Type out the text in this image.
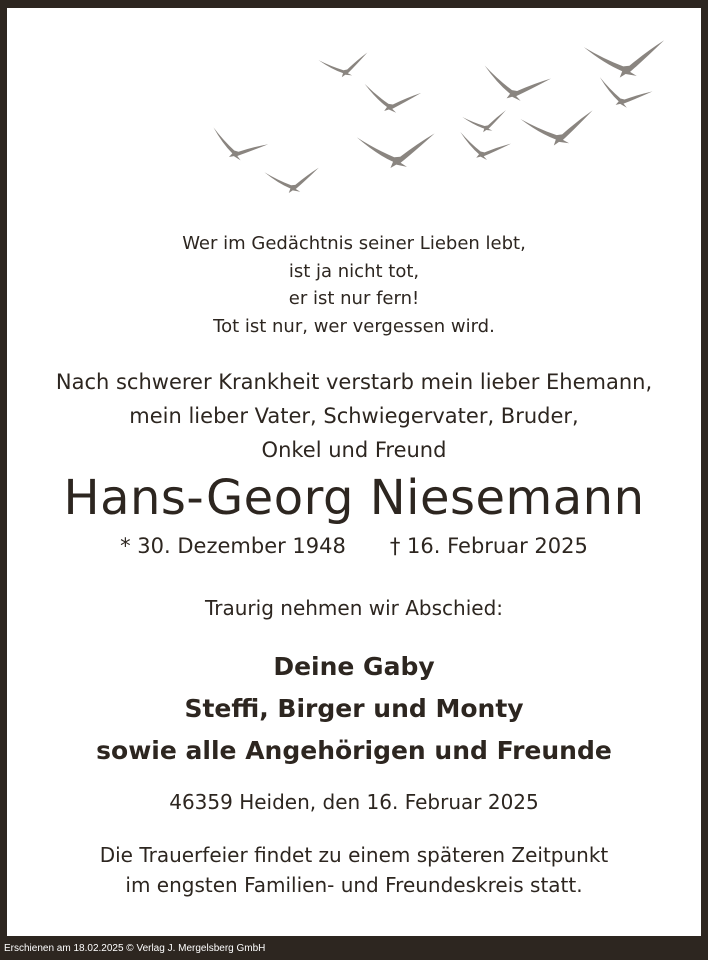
Wer im Gedächtnis seiner Lieben lebt,
ist ja nicht tot,
er ist nur fern!
Tot ist nur, wer vergessen wird.

Nach schwerer Krankheit verstarb mein lieber Ehemann,
mein lieber Vater, Schwiegervater, Bruder,
Onkel und Freund

Hans-Georg Niesemann

* 30. Dezember 1948 † 16. Februar 2025

Traurig nehmen wir Abschied:

Deine Gaby
Steffi, Birger und Monty
sowie alle Angehörigen und Freunde

46359 Heiden, den 16. Februar 2025

Die Trauerfeier findet zu einem späteren Zeitpunkt
im engsten Familien- und Freundeskreis statt.

Erschienen am 18.02.2025 © Verlag J. Mergelsberg GmbH
